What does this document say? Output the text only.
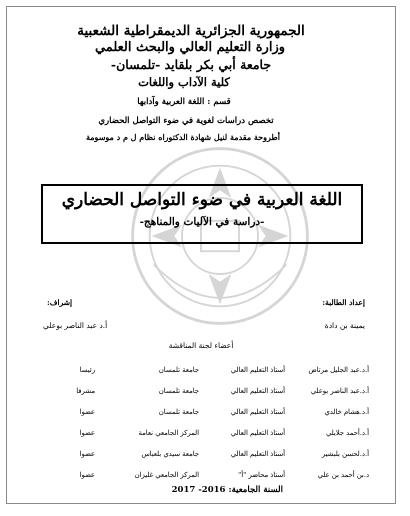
الجمهورية الجزائرية الديمقراطية الشعبية
وزارة التعليم العالي والبحث العلمي
جامعة أبي بكر بلقايد -تلمسان-
كلية الآداب واللغات
قسم : اللغة العربية وآدابها
تخصص دراسات لغوية في ضوء التواصل الحضاري
أطروحة مقدمة لنيل شهادة الدكتوراه نظام ل م د موسومة
اللغة العربية في ضوء التواصل الحضاري
-دراسة في الآليات والمناهج-
إعداد الطالبة:
إشراف:
يمينة بن دادة
أ.د عبد الناصر بوعلي
أعضاء لجنة المناقشة
أ.د.عبد الجليل مرتاض
أستاذ التعليم العالي
جامعة تلمسان
رئيسا
أ.د.عبد الناصر بوعلي
أستاذ التعليم العالي
جامعة تلمسان
مشرفا
أ.د.هشام خالدي
أستاذ التعليم العالي
جامعة تلمسان
عضوا
أ.د.أحمد جلايلي
أستاذ التعليم العالي
المركز الجامعي نعامة
عضوا
أ.د.لحسن بلبشير
أستاذ التعليم العالي
جامعة سيدي بلعباس
عضوا
د.بن أحمد بن علي
أستاذ محاضر "أ"
المركز الجامعي غليزان
عضوا
السنة الجامعية: 2016- 2017
